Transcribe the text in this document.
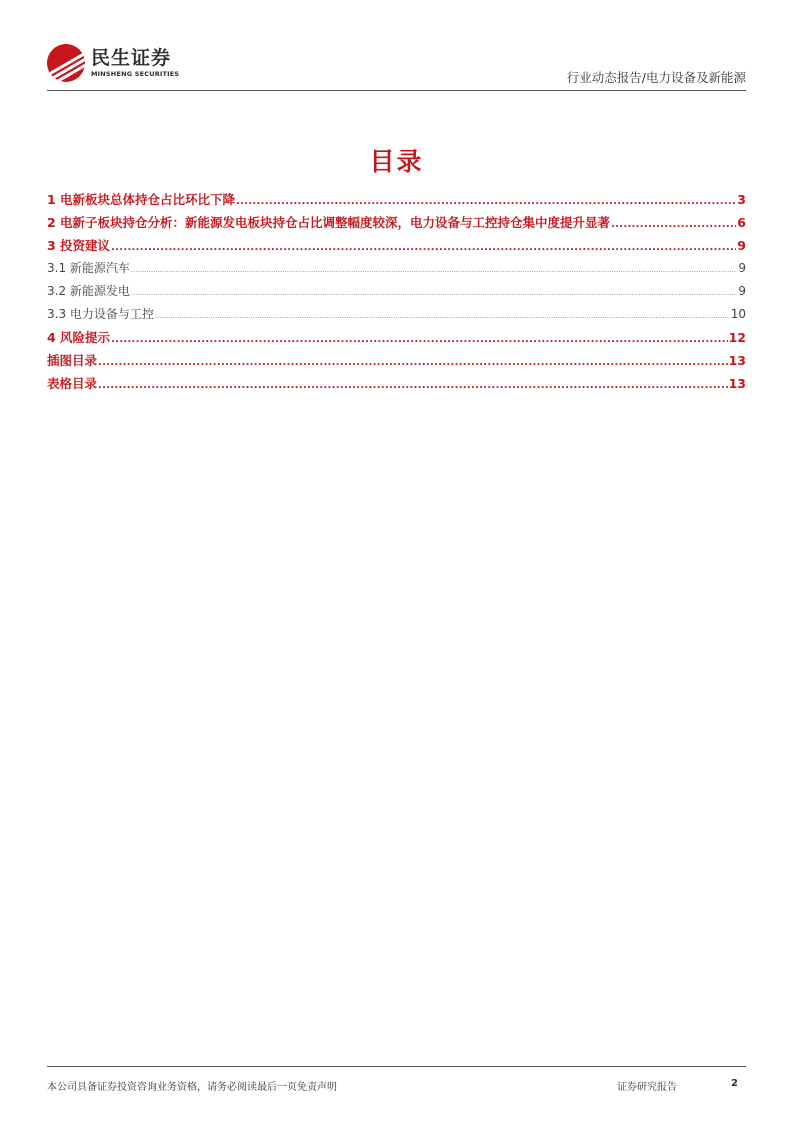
民生证券
MINSHENG SECURITIES	行业动态报告/电力设备及新能源
目录
1 电新板块总体持仓占比环比下降 .....	3
2 电新子板块持仓分析：新能源发电板块持仓占比调整幅度较深，电力设备与工控持仓集中度提升显著 .....	6
3 投资建议 .....	9
3.1 新能源汽车 .....	9
3.2 新能源发电 .....	9
3.3 电力设备与工控 .....	10
4 风险提示 .....	12
插图目录 .....	13
表格目录 .....	13
本公司具备证券投资咨询业务资格，请务必阅读最后一页免责声明	证券研究报告	2
